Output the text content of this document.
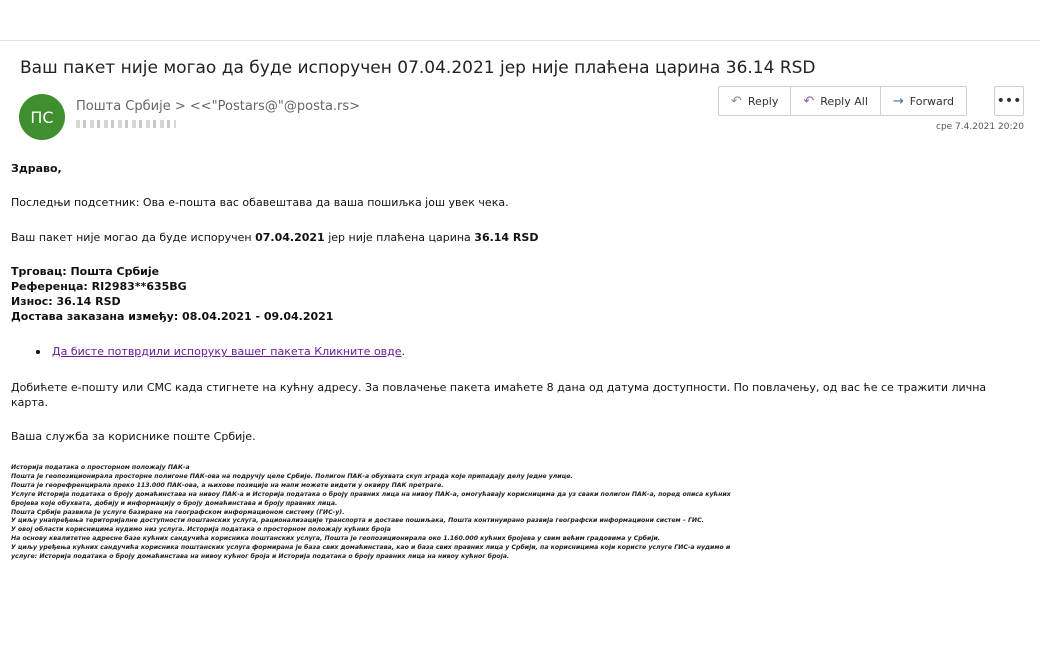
Ваш пакет није могао да буде испоручен 07.04.2021 јер није плаћена царина 36.14 RSD
ПС
Пошта Србије > <<"Postars@"@posta.rs>	↶ Reply ↶ Reply All → Forward	•••
сре 7.4.2021 20:20
Здраво,
Последњи подсетник: Ова е-пошта вас обавештава да ваша пошиљка још увек чека.
Ваш пакет није могао да буде испоручен 07.04.2021 јер није плаћена царина 36.14 RSD
Трговац: Пошта Србије
Референца: RI2983**635BG
Износ: 36.14 RSD
Достава заказана између: 08.04.2021 - 09.04.2021
Да бисте потврдили испоруку вашег пакета Кликните овде.
Добићете е-пошту или СМС када стигнете на кућну адресу. За повлачење пакета имаћете 8 дана од датума доступности. По повлачењу, од вас ће се тражити лична карта.
Ваша служба за кориснике поште Србије.
Историја података о просторном положају ПАК-а
Пошта је геопозиционирала просторне полигоне ПАК-ова на подручју целе Србије. Полигон ПАК-а обухвата скуп зграда које припадају делу једне улице.
Пошта је георефренцирала преко 113.000 ПАК-ова, а њихове позиције на мапи можете видети у оквиру ПАК претраге.
Услуге Историја података о броју домаћинстава на нивоу ПАК-а и Историја података о броју правних лица на нивоу ПАК-а, омогућавају корисницима да уз сваки полигон ПАК-а, поред описа кућних
бројева које обухвата, добију и информацију о броју домаћинстава и броју правних лица.
Пошта Србије развила је услуге базиране на географском информационом систему (ГИС-у).
У циљу унапређења територијалне доступности поштанских услуга, рационализације транспорта и доставе пошиљака, Пошта континуирано развија географски информациони систем – ГИС.
У овој области корисницима нудимо низ услуга. Историја података о просторном положају кућних броја
На основу квалитетне адресне базе кућних сандучића корисника поштанских услуга, Пошта је геопозиционирала око 1.160.000 кућних бројева у свим већим градовима у Србији.
У циљу уређења кућних сандучића корисника поштанских услуга формирана је база свих домаћинстава, као и база свих правних лица у Србији, па корисницима који користе услуге ГИС-а нудимо и
услуге: Историја података о броју домаћинстава на нивоу кућног броја и Историја података о броју правних лица на нивоу кућног броја.
